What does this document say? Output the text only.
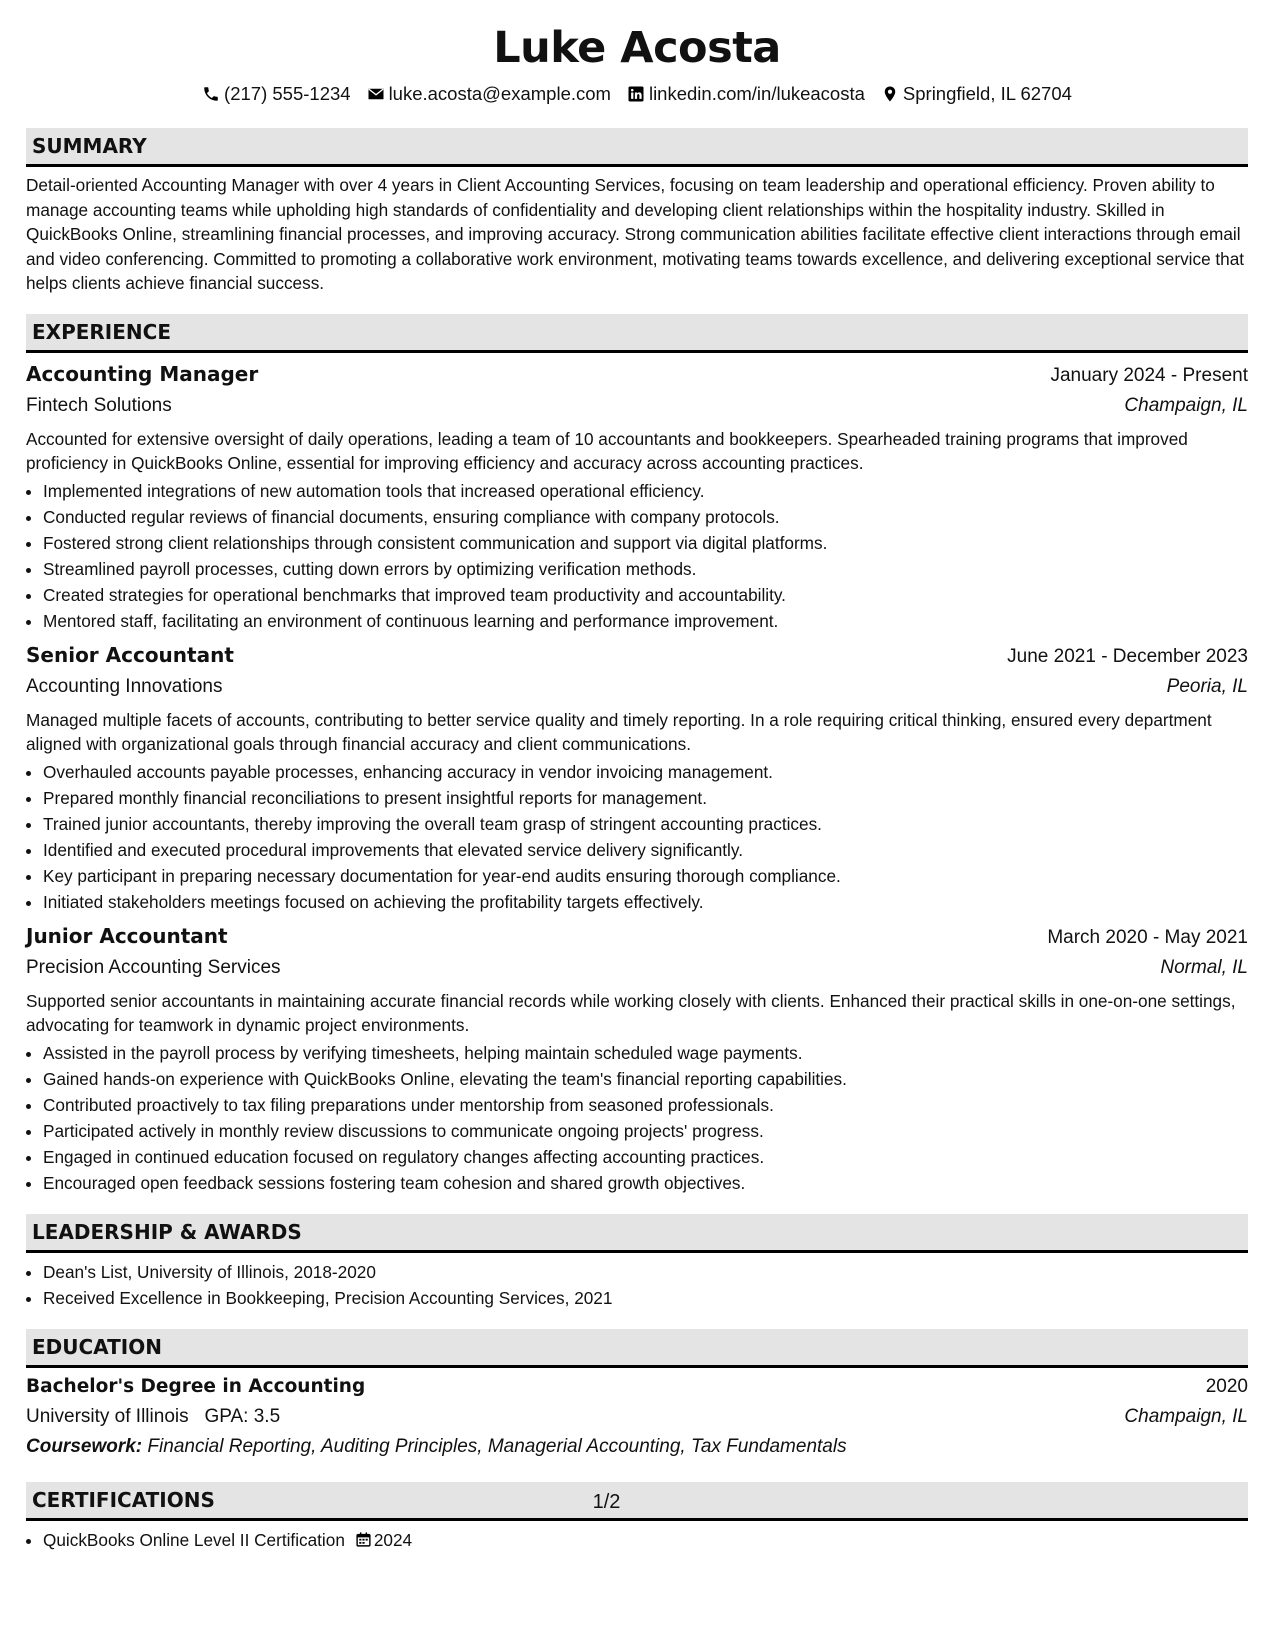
Luke Acosta
(217) 555-1234 luke.acosta@example.com linkedin.com/in/lukeacosta Springfield, IL 62704
SUMMARY

Detail-oriented Accounting Manager with over 4 years in Client Accounting Services, focusing on team leadership and operational efficiency. Proven ability to manage accounting teams while upholding high standards of confidentiality and developing client relationships within the hospitality industry. Skilled in QuickBooks Online, streamlining financial processes, and improving accuracy. Strong communication abilities facilitate effective client interactions through email and video conferencing. Committed to promoting a collaborative work environment, motivating teams towards excellence, and delivering exceptional service that helps clients achieve financial success.

EXPERIENCE
Accounting Manager	January 2024 - Present
Fintech Solutions	Champaign, IL

Accounted for extensive oversight of daily operations, leading a team of 10 accountants and bookkeepers. Spearheaded training programs that improved proficiency in QuickBooks Online, essential for improving efficiency and accuracy across accounting practices.

• Implemented integrations of new automation tools that increased operational efficiency.
• Conducted regular reviews of financial documents, ensuring compliance with company protocols.
• Fostered strong client relationships through consistent communication and support via digital platforms.
• Streamlined payroll processes, cutting down errors by optimizing verification methods.
• Created strategies for operational benchmarks that improved team productivity and accountability.
• Mentored staff, facilitating an environment of continuous learning and performance improvement.
Senior Accountant	June 2021 - December 2023
Accounting Innovations	Peoria, IL

Managed multiple facets of accounts, contributing to better service quality and timely reporting. In a role requiring critical thinking, ensured every department aligned with organizational goals through financial accuracy and client communications.

• Overhauled accounts payable processes, enhancing accuracy in vendor invoicing management.
• Prepared monthly financial reconciliations to present insightful reports for management.
• Trained junior accountants, thereby improving the overall team grasp of stringent accounting practices.
• Identified and executed procedural improvements that elevated service delivery significantly.
• Key participant in preparing necessary documentation for year-end audits ensuring thorough compliance.
• Initiated stakeholders meetings focused on achieving the profitability targets effectively.
Junior Accountant	March 2020 - May 2021
Precision Accounting Services	Normal, IL

Supported senior accountants in maintaining accurate financial records while working closely with clients. Enhanced their practical skills in one-on-one settings, advocating for teamwork in dynamic project environments.

• Assisted in the payroll process by verifying timesheets, helping maintain scheduled wage payments.
• Gained hands-on experience with QuickBooks Online, elevating the team's financial reporting capabilities.
• Contributed proactively to tax filing preparations under mentorship from seasoned professionals.
• Participated actively in monthly review discussions to communicate ongoing projects' progress.
• Engaged in continued education focused on regulatory changes affecting accounting practices.
• Encouraged open feedback sessions fostering team cohesion and shared growth objectives.
LEADERSHIP & AWARDS
• Dean's List, University of Illinois, 2018-2020
• Received Excellence in Bookkeeping, Precision Accounting Services, 2021
EDUCATION
Bachelor's Degree in Accounting	2020
University of Illinois GPA: 3.5	Champaign, IL
Coursework: Financial Reporting, Auditing Principles, Managerial Accounting, Tax Fundamentals
CERTIFICATIONS
• QuickBooks Online Level II Certification 2024
1/2
